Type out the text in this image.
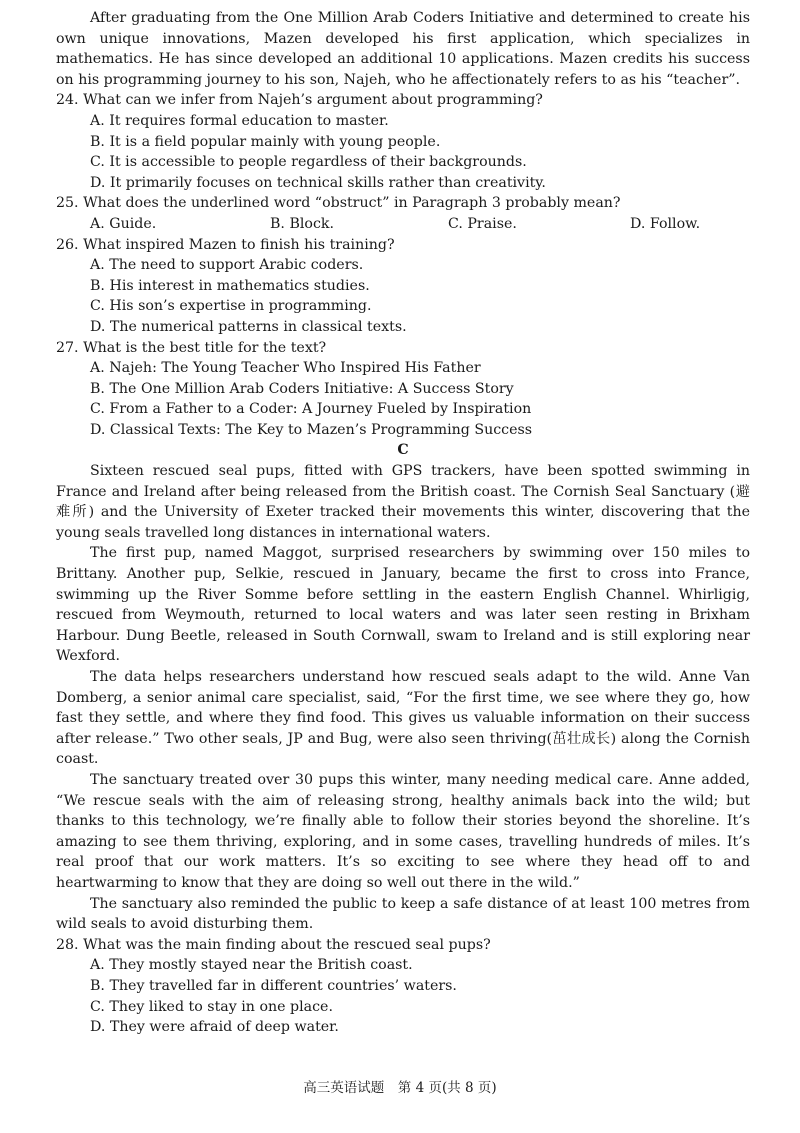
After graduating from the One Million Arab Coders Initiative and determined to create his own unique innovations, Mazen developed his first application, which specializes in mathematics. He has since developed an additional 10 applications. Mazen credits his success on his programming journey to his son, Najeh, who he affectionately refers to as his “teacher”.

24. What can we infer from Najeh’s argument about programming?

A. It requires formal education to master.

B. It is a field popular mainly with young people.

C. It is accessible to people regardless of their backgrounds.

D. It primarily focuses on technical skills rather than creativity.

25. What does the underlined word “obstruct” in Paragraph 3 probably mean?

A. Guide.	B. Block.	C. Praise.	D. Follow.

26. What inspired Mazen to finish his training?

A. The need to support Arabic coders.

B. His interest in mathematics studies.

C. His son’s expertise in programming.

D. The numerical patterns in classical texts.

27. What is the best title for the text?

A. Najeh: The Young Teacher Who Inspired His Father

B. The One Million Arab Coders Initiative: A Success Story

C. From a Father to a Coder: A Journey Fueled by Inspiration

D. Classical Texts: The Key to Mazen’s Programming Success

C

Sixteen rescued seal pups, fitted with GPS trackers, have been spotted swimming in France and Ireland after being released from the British coast. The Cornish Seal Sanctuary (避难所) and the University of Exeter tracked their movements this winter, discovering that the young seals travelled long distances in international waters.

The first pup, named Maggot, surprised researchers by swimming over 150 miles to Brittany. Another pup, Selkie, rescued in January, became the first to cross into France, swimming up the River Somme before settling in the eastern English Channel. Whirligig, rescued from Weymouth, returned to local waters and was later seen resting in Brixham Harbour. Dung Beetle, released in South Cornwall, swam to Ireland and is still exploring near Wexford.

The data helps researchers understand how rescued seals adapt to the wild. Anne Van Domberg, a senior animal care specialist, said, “For the first time, we see where they go, how fast they settle, and where they find food. This gives us valuable information on their success after release.” Two other seals, JP and Bug, were also seen thriving(茁壮成长) along the Cornish coast.

The sanctuary treated over 30 pups this winter, many needing medical care. Anne added, “We rescue seals with the aim of releasing strong, healthy animals back into the wild; but thanks to this technology, we’re finally able to follow their stories beyond the shoreline. It’s amazing to see them thriving, exploring, and in some cases, travelling hundreds of miles. It’s real proof that our work matters. It’s so exciting to see where they head off to and heartwarming to know that they are doing so well out there in the wild.”

The sanctuary also reminded the public to keep a safe distance of at least 100 metres from wild seals to avoid disturbing them.

28. What was the main finding about the rescued seal pups?

A. They mostly stayed near the British coast.

B. They travelled far in different countries’ waters.

C. They liked to stay in one place.

D. They were afraid of deep water.

高三英语试题　第 4 页(共 8 页)
